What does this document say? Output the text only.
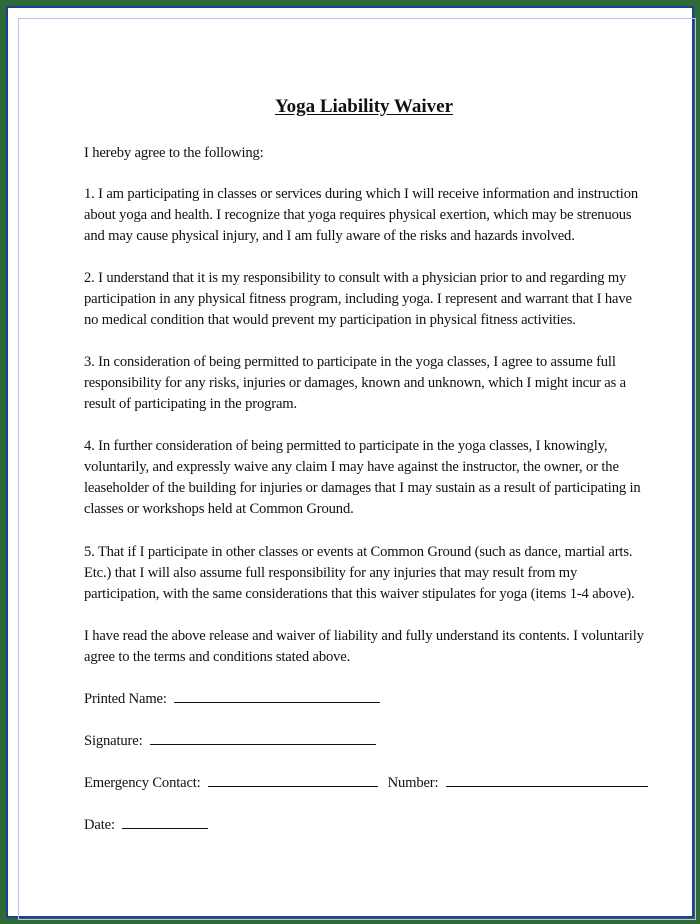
Yoga Liability Waiver

I hereby agree to the following:

1. I am participating in classes or services during which I will receive information and instruction about yoga and health. I recognize that yoga requires physical exertion, which may be strenuous and may cause physical injury, and I am fully aware of the risks and hazards involved.

2. I understand that it is my responsibility to consult with a physician prior to and regarding my participation in any physical fitness program, including yoga. I represent and warrant that I have no medical condition that would prevent my participation in physical fitness activities.

3. In consideration of being permitted to participate in the yoga classes, I agree to assume full responsibility for any risks, injuries or damages, known and unknown, which I might incur as a result of participating in the program.

4. In further consideration of being permitted to participate in the yoga classes, I knowingly, voluntarily, and expressly waive any claim I may have against the instructor, the owner, or the leaseholder of the building for injuries or damages that I may sustain as a result of participating in classes or workshops held at Common Ground.

5. That if I participate in other classes or events at Common Ground (such as dance, martial arts. Etc.) that I will also assume full responsibility for any injuries that may result from my participation, with the same considerations that this waiver stipulates for yoga (items 1-4 above).

I have read the above release and waiver of liability and fully understand its contents. I voluntarily agree to the terms and conditions stated above.

Printed Name:
Signature:
Emergency Contact:	Number:
Date:
